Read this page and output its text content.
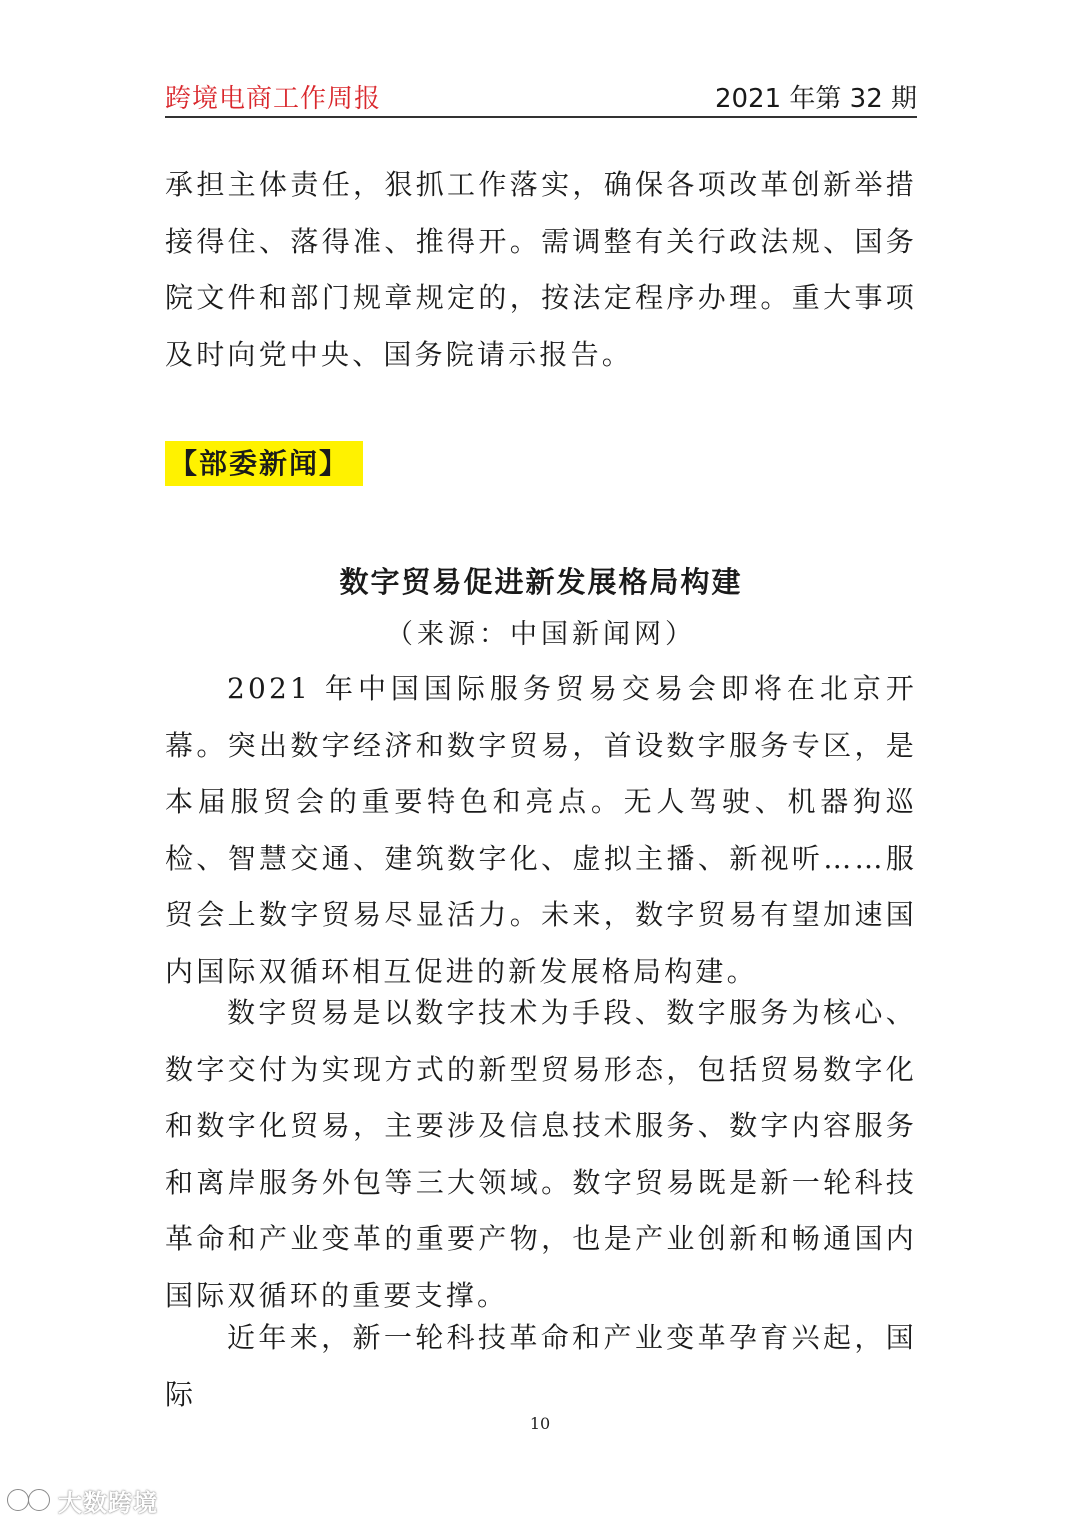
跨境电商工作周报	2021 年第 32 期

承担主体责任，狠抓工作落实，确保各项改革创新举措接得住、落得准、推得开。需调整有关行政法规、国务院文件和部门规章规定的，按法定程序办理。重大事项及时向党中央、国务院请示报告。

【部委新闻】
数字贸易促进新发展格局构建
（来源：中国新闻网）

2021 年中国国际服务贸易交易会即将在北京开幕。突出数字经济和数字贸易，首设数字服务专区，是本届服贸会的重要特色和亮点。无人驾驶、机器狗巡检、智慧交通、建筑数字化、虚拟主播、新视听……服贸会上数字贸易尽显活力。未来，数字贸易有望加速国内国际双循环相互促进的新发展格局构建。

数字贸易是以数字技术为手段、数字服务为核心、数字交付为实现方式的新型贸易形态，包括贸易数字化和数字化贸易，主要涉及信息技术服务、数字内容服务和离岸服务外包等三大领域。数字贸易既是新一轮科技革命和产业变革的重要产物，也是产业创新和畅通国内国际双循环的重要支撑。

近年来，新一轮科技革命和产业变革孕育兴起，国际

10
大数跨境
